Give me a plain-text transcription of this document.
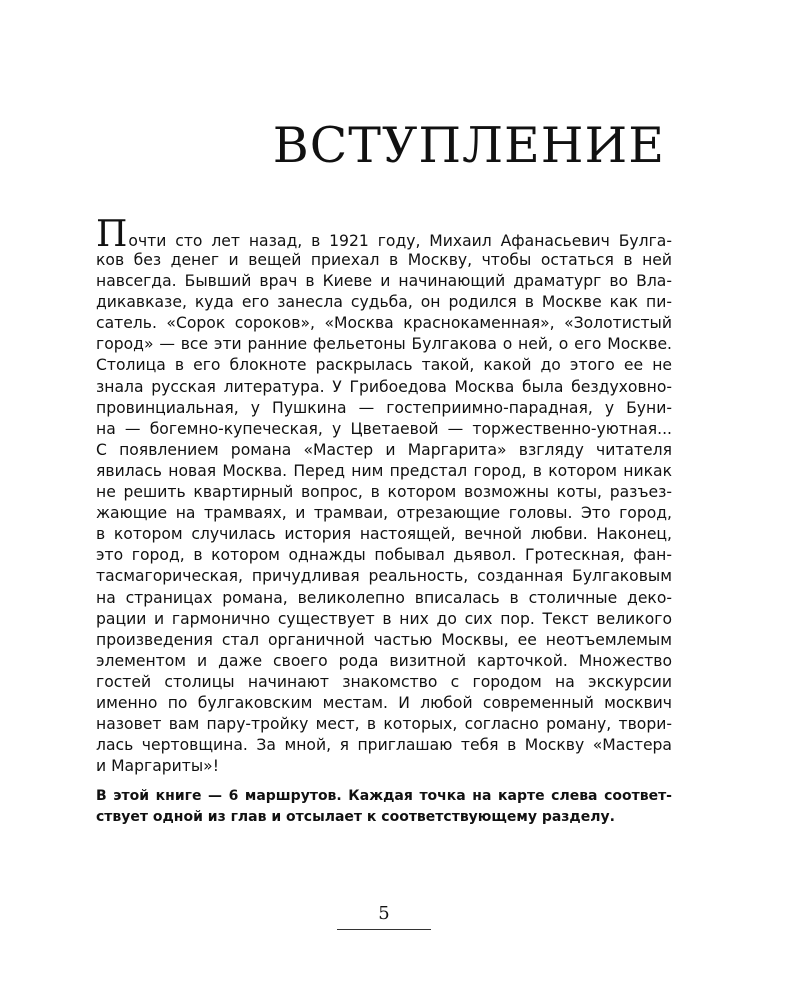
ВСТУПЛЕНИЕ
Почти сто лет назад, в 1921 году, Михаил Афанасьевич Булга-
ков без денег и вещей приехал в Москву, чтобы остаться в ней
навсегда. Бывший врач в Киеве и начинающий драматург во Вла-
дикавказе, куда его занесла судьба, он родился в Москве как пи-
сатель. «Сорок сороков», «Москва краснокаменная», «Золотистый
город» — все эти ранние фельетоны Булгакова о ней, о его Москве.
Столица в его блокноте раскрылась такой, какой до этого ее не
знала русская литература. У Грибоедова Москва была бездуховно-
провинциальная, у Пушкина — гостеприимно-парадная, у Буни-
на — богемно-купеческая, у Цветаевой — торжественно-уютная...
С появлением романа «Мастер и Маргарита» взгляду читателя
явилась новая Москва. Перед ним предстал город, в котором никак
не решить квартирный вопрос, в котором возможны коты, разъез-
жающие на трамваях, и трамваи, отрезающие головы. Это город,
в котором случилась история настоящей, вечной любви. Наконец,
это город, в котором однажды побывал дьявол. Гротескная, фан-
тасмагорическая, причудливая реальность, созданная Булгаковым
на страницах романа, великолепно вписалась в столичные деко-
рации и гармонично существует в них до сих пор. Текст великого
произведения стал органичной частью Москвы, ее неотъемлемым
элементом и даже своего рода визитной карточкой. Множество
гостей столицы начинают знакомство с городом на экскурсии
именно по булгаковским местам. И любой современный москвич
назовет вам пару-тройку мест, в которых, согласно роману, твори-
лась чертовщина. За мной, я приглашаю тебя в Москву «Мастера
и Маргариты»!
В этой книге — 6 маршрутов. Каждая точка на карте слева соответ-
ствует одной из глав и отсылает к соответствующему разделу.
5
